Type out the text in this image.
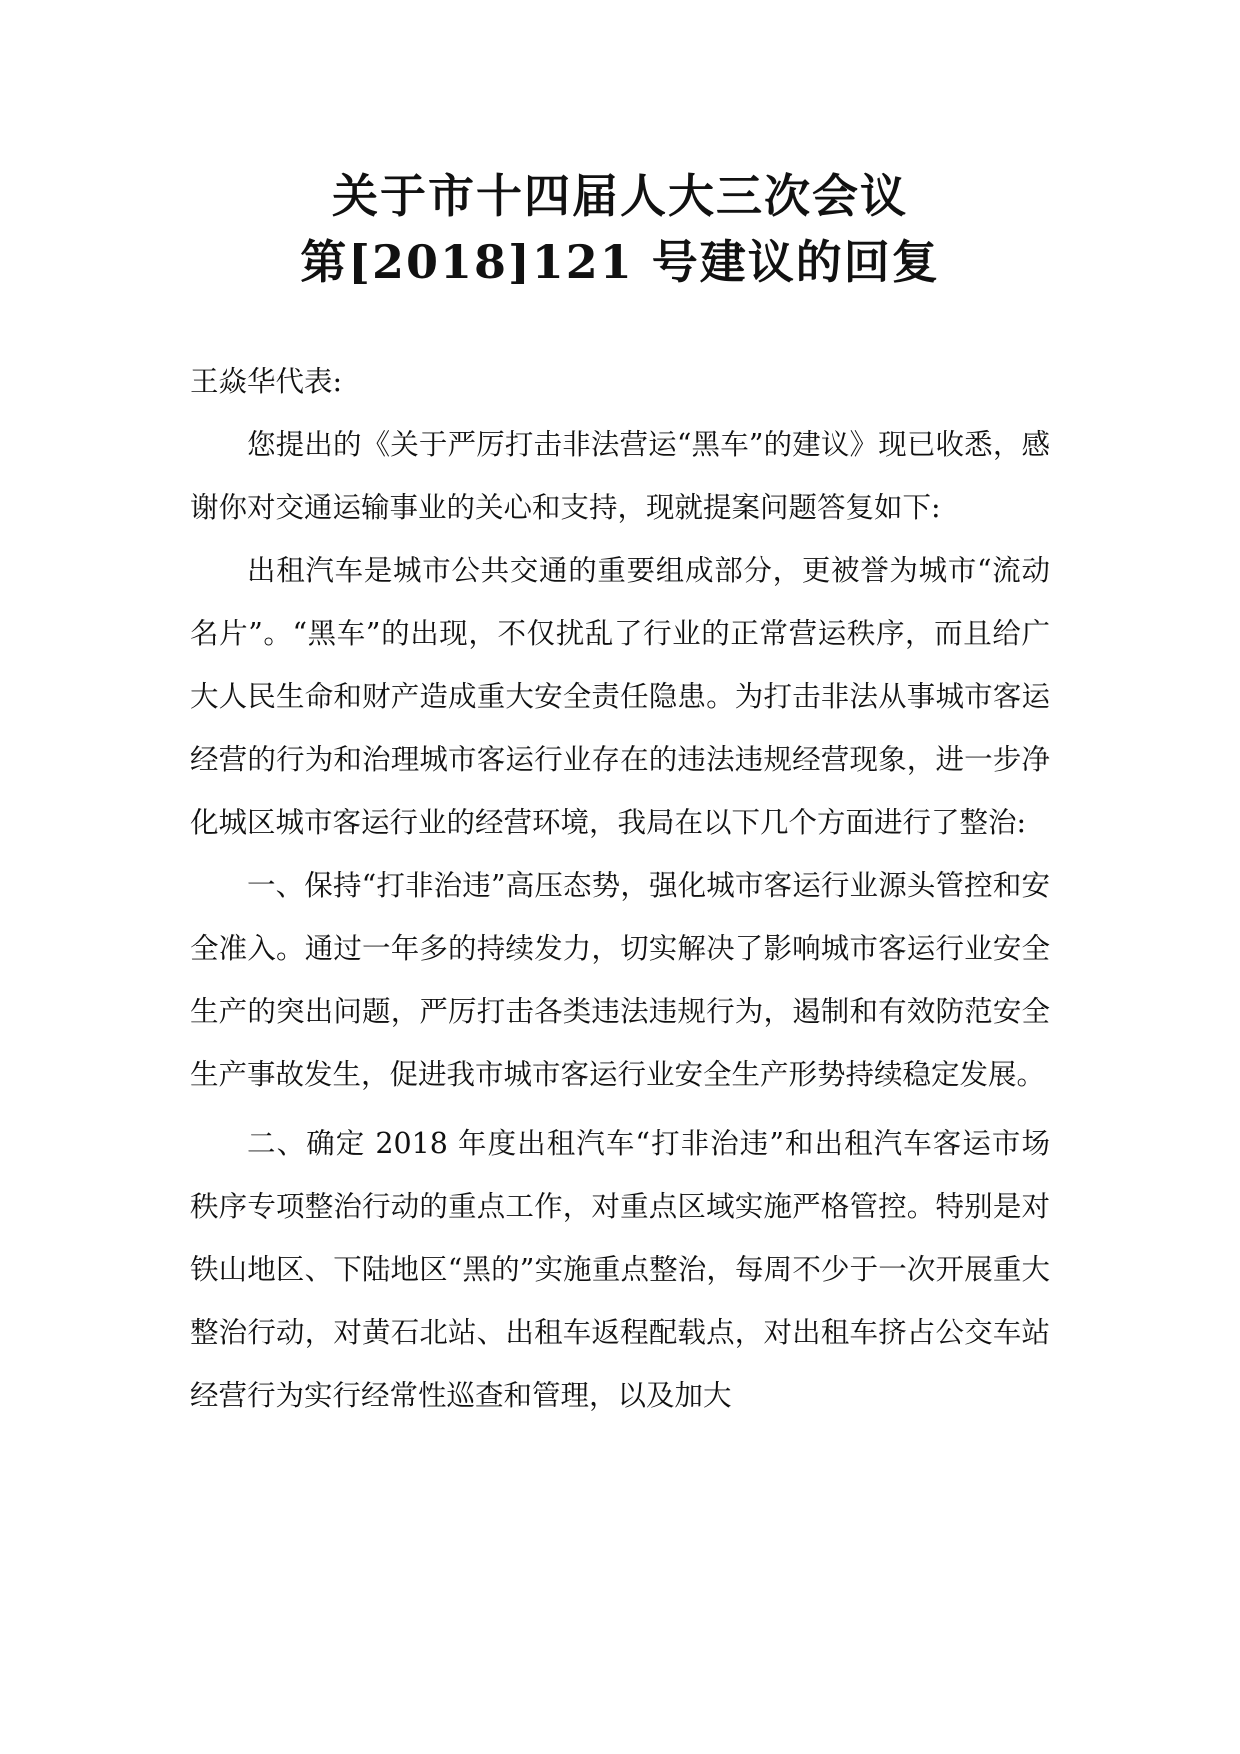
关于市十四届人大三次会议
第[2018]121 号建议的回复
王焱华代表:

您提出的《关于严厉打击非法营运“黑车”的建议》现已收悉，感谢你对交通运输事业的关心和支持，现就提案问题答复如下:

出租汽车是城市公共交通的重要组成部分，更被誉为城市“流动名片”。“黑车”的出现，不仅扰乱了行业的正常营运秩序，而且给广大人民生命和财产造成重大安全责任隐患。为打击非法从事城市客运经营的行为和治理城市客运行业存在的违法违规经营现象，进一步净化城区城市客运行业的经营环境，我局在以下几个方面进行了整治:

一、保持“打非治违”高压态势，强化城市客运行业源头管控和安全准入。通过一年多的持续发力，切实解决了影响城市客运行业安全生产的突出问题，严厉打击各类违法违规行为，遏制和有效防范安全生产事故发生，促进我市城市客运行业安全生产形势持续稳定发展。

二、确定 2018 年度出租汽车“打非治违”和出租汽车客运市场秩序专项整治行动的重点工作，对重点区域实施严格管控。特别是对铁山地区、下陆地区“黑的”实施重点整治，每周不少于一次开展重大整治行动，对黄石北站、出租车返程配载点，对出租车挤占公交车站经营行为实行经常性巡查和管理，以及加大
